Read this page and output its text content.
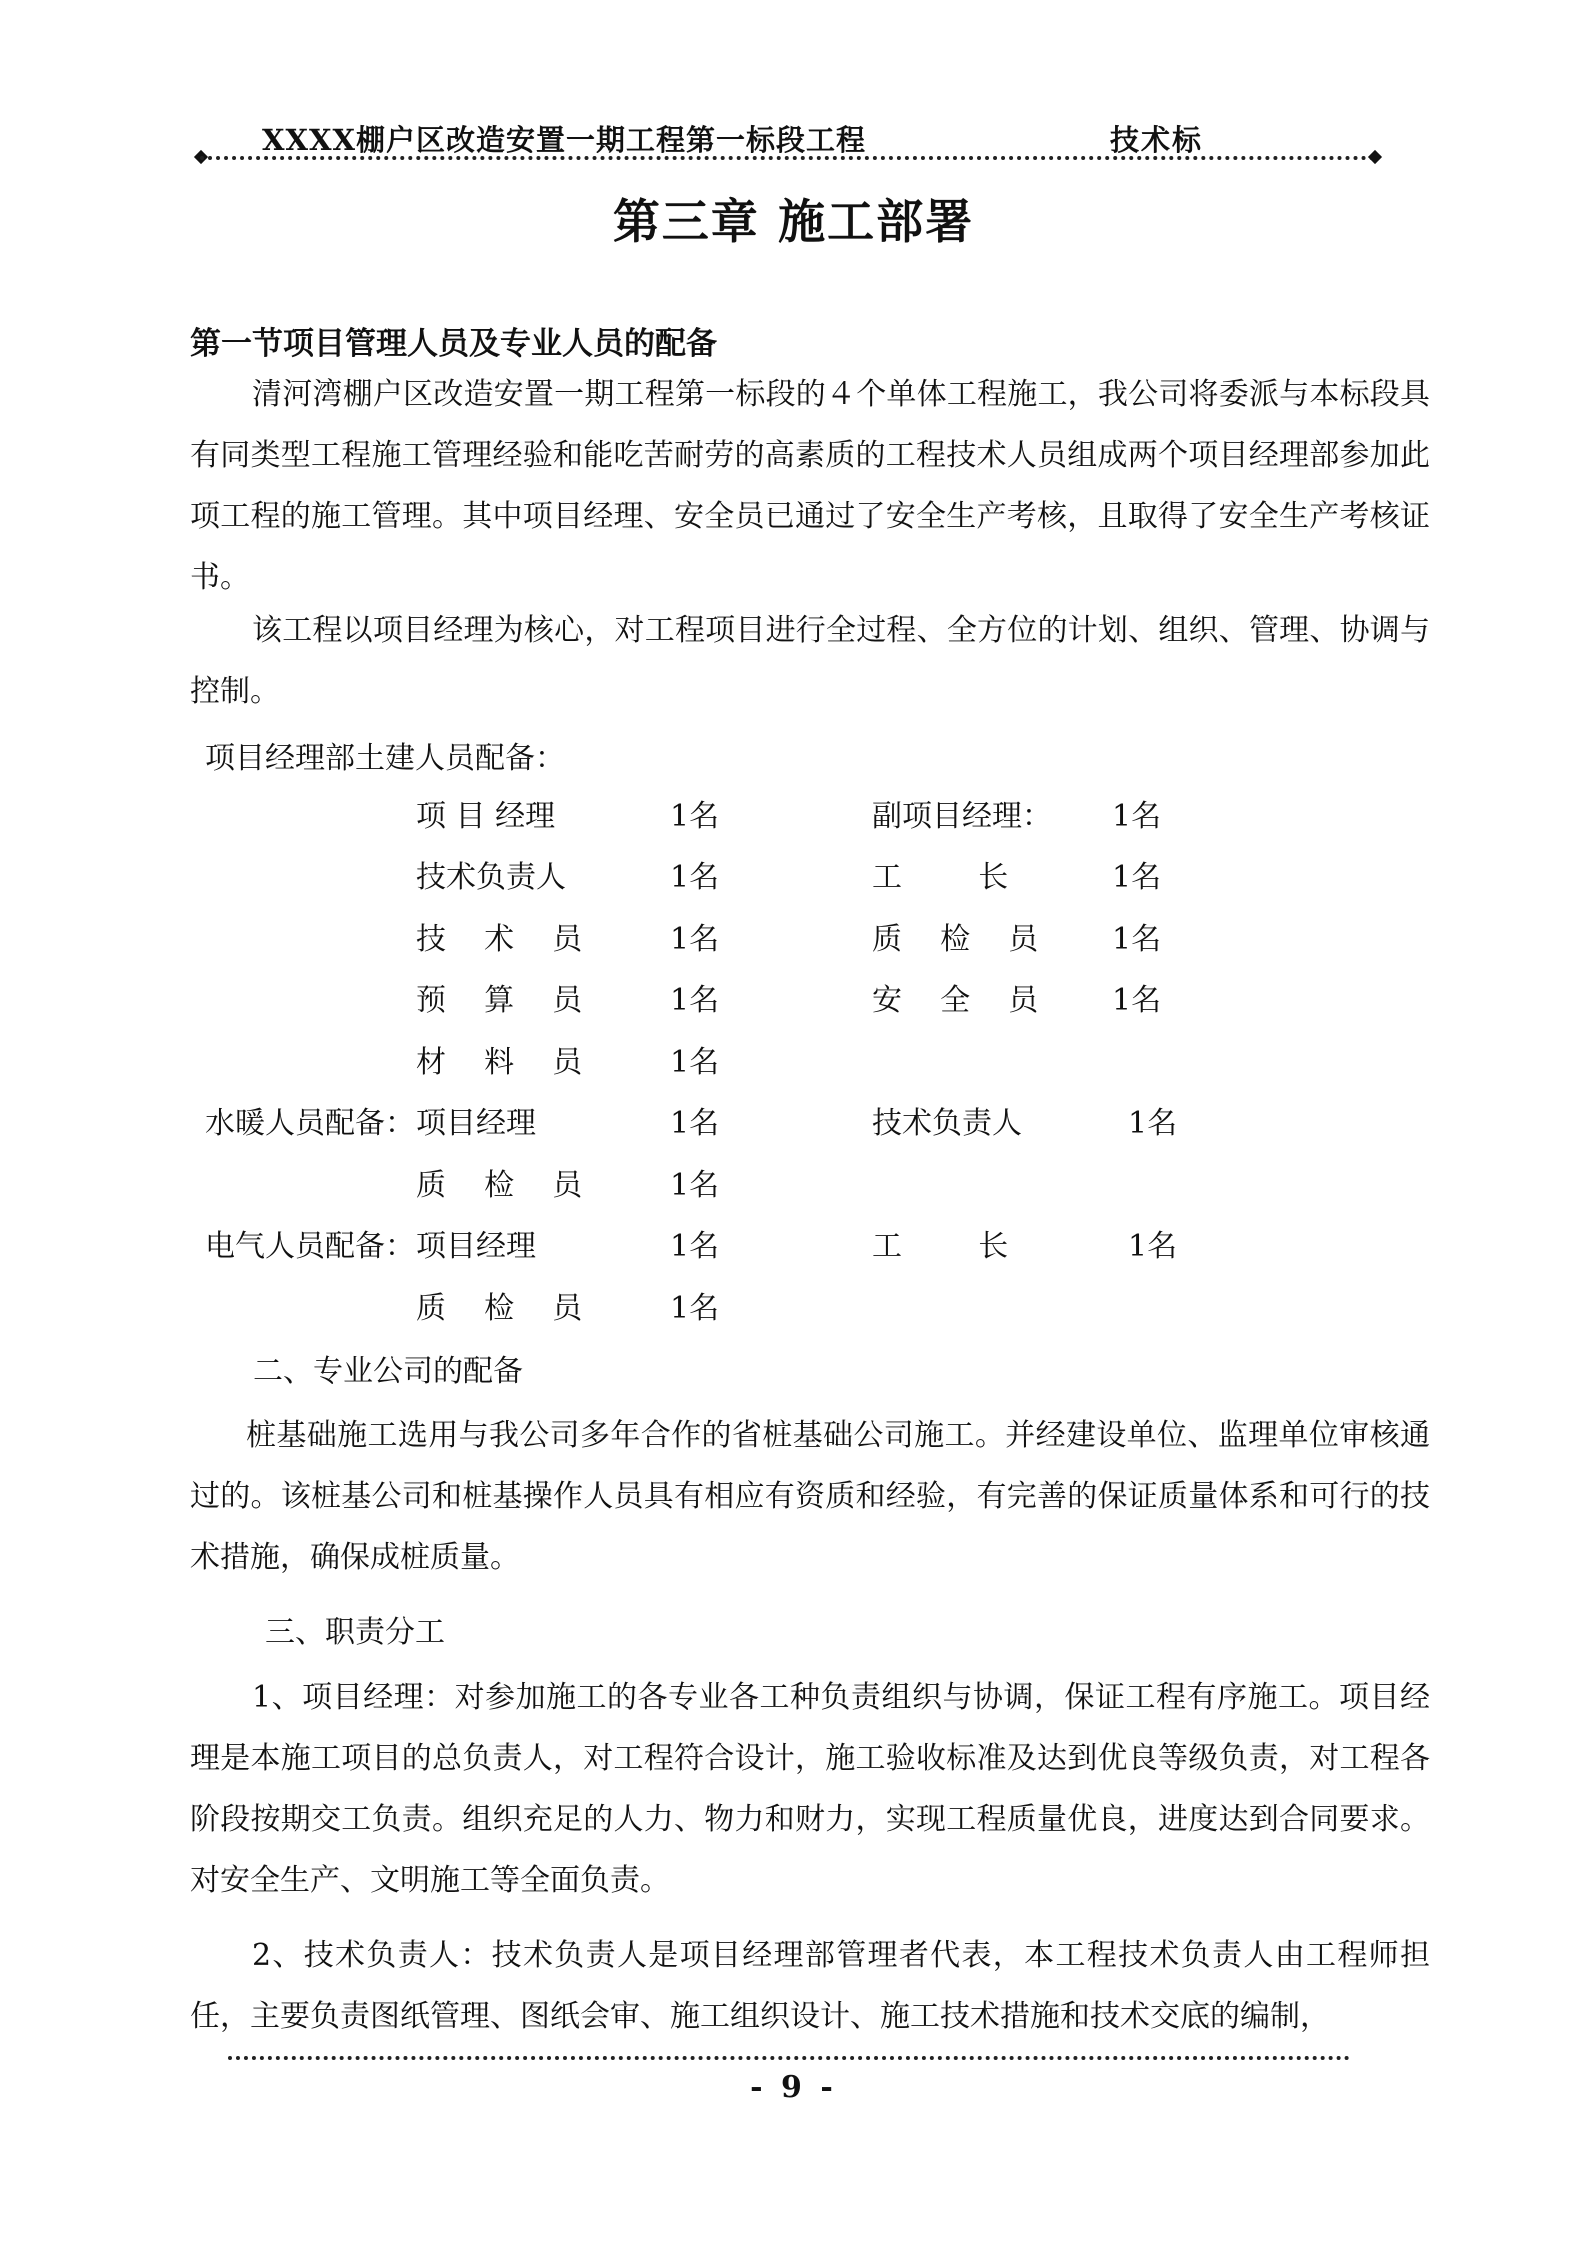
XXXX棚户区改造安置一期工程第一标段工程	技术标
第三章 施工部署
第一节项目管理人员及专业人员的配备
清河湾棚户区改造安置一期工程第一标段的４个单体工程施工，我公司将委派与本标段具有同类型工程施工管理经验和能吃苦耐劳的高素质的工程技术人员组成两个项目经理部参加此项工程的施工管理。其中项目经理、安全员已通过了安全生产考核，且取得了安全生产考核证书。
该工程以项目经理为核心，对工程项目进行全过程、全方位的计划、组织、管理、协调与控制。
项目经理部土建人员配备：
项 目 经理	1名	副项目经理： 1名
技术负责人	1名	工        长	1名
技    术    员	1名	质    检    员 1名
预    算    员	1名	安    全    员 1名
材    料    员	1名
水暖人员配备： 项目经理	1名	技术负责人	1名
质    检    员	1名
电气人员配备： 项目经理	1名	工        长	1名
质    检    员	1名
二、专业公司的配备
桩基础施工选用与我公司多年合作的省桩基础公司施工。并经建设单位、监理单位审核通过的。该桩基公司和桩基操作人员具有相应有资质和经验，有完善的保证质量体系和可行的技术措施，确保成桩质量。
三、职责分工
1、项目经理：对参加施工的各专业各工种负责组织与协调，保证工程有序施工。项目经理是本施工项目的总负责人，对工程符合设计，施工验收标准及达到优良等级负责，对工程各阶段按期交工负责。组织充足的人力、物力和财力，实现工程质量优良，进度达到合同要求。对安全生产、文明施工等全面负责。
2、技术负责人：技术负责人是项目经理部管理者代表，本工程技术负责人由工程师担任，主要负责图纸管理、图纸会审、施工组织设计、施工技术措施和技术交底的编制，
- 9 -
